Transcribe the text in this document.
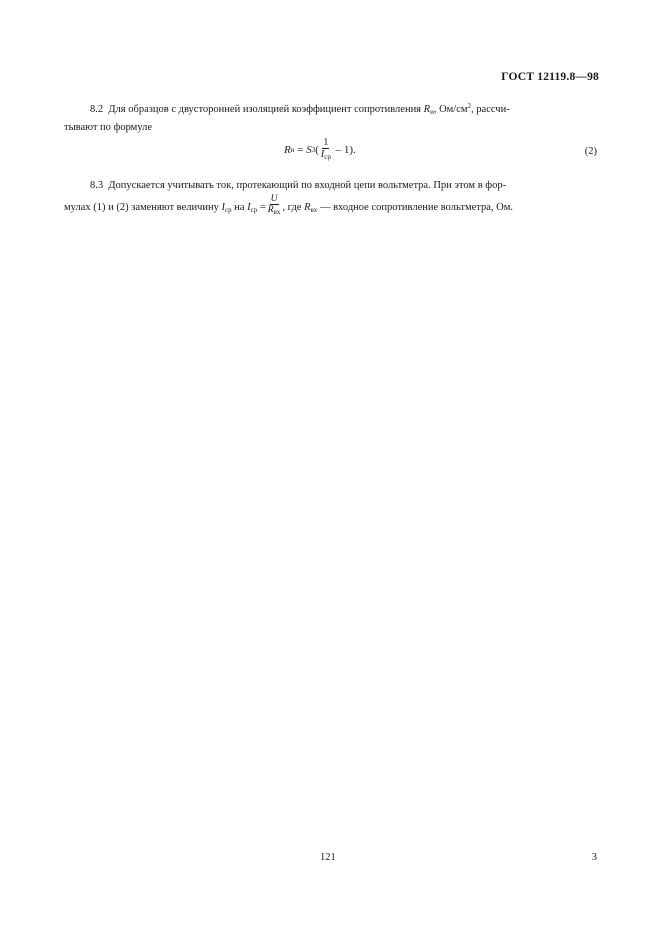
ГОСТ 12119.8—98
8.2 Для образцов с двусторонней изоляцией коэффициент сопротивления $R_и$, $Ом/см^2$, рассчи-
тывают по формуле
R и
=
S 3 ( $\frac{1}{I_{ср}} - 1$).	(2)
8.3 Допускается учитывать ток, протекающий по входной цепи вольтметра. При этом в фор-
мулах (1) и (2) заменяют величину $I_{ср}$ на $I_{ср} = \frac{U}{R_{вх}}$ , где $R_{вх}$ — входное сопротивление вольтметра, Ом.
121	3
